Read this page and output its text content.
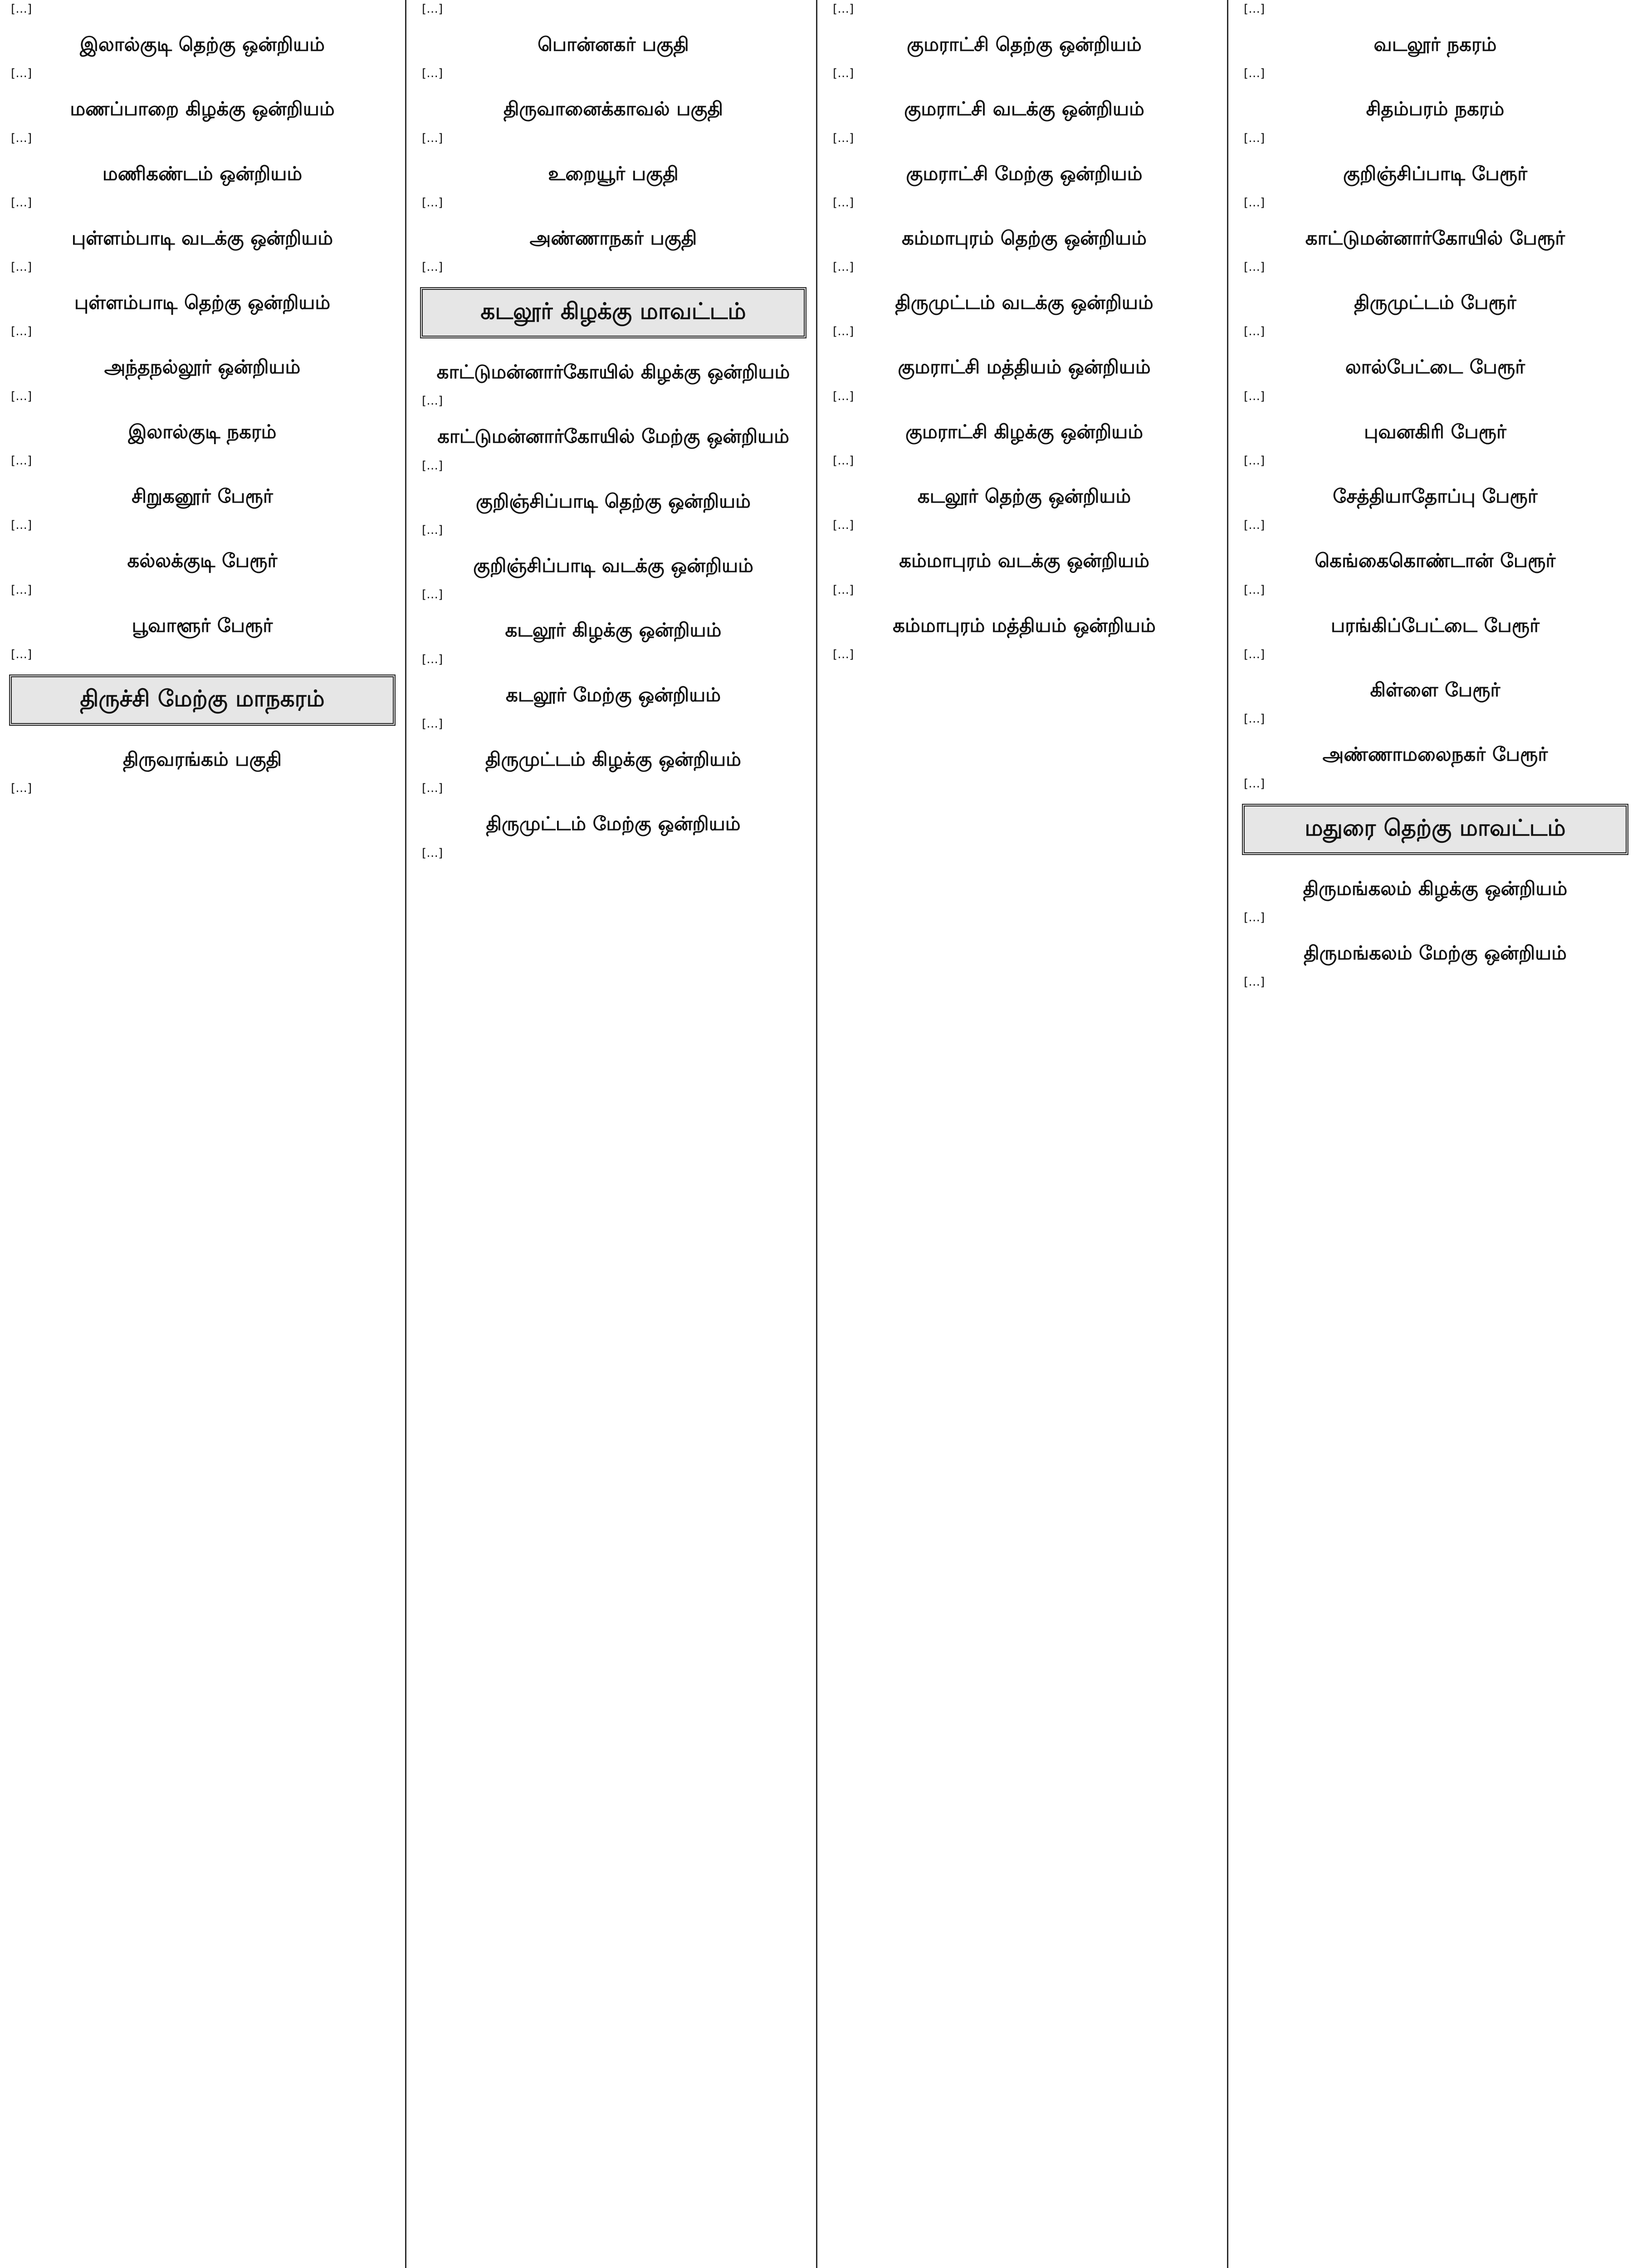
[…]

இலால்குடி தெற்கு ஒன்றியம்

[…]

மணப்பாறை கிழக்கு ஒன்றியம்

[…]

மணிகண்டம் ஒன்றியம்

[…]

புள்ளம்பாடி வடக்கு ஒன்றியம்

[…]

புள்ளம்பாடி தெற்கு ஒன்றியம்

[…]

அந்தநல்லூர் ஒன்றியம்

[…]

இலால்குடி நகரம்

[…]

சிறுகனூர் பேரூர்

[…]

கல்லக்குடி பேரூர்

[…]

பூவாளூர் பேரூர்

[…]

திருச்சி மேற்கு மாநகரம்
திருவரங்கம் பகுதி

[…]

[…]

பொன்னகர் பகுதி

[…]

திருவானைக்காவல் பகுதி

[…]

உறையூர் பகுதி

[…]

அண்ணாநகர் பகுதி

[…]

கடலூர் கிழக்கு மாவட்டம்
காட்டுமன்னார்கோயில் கிழக்கு ஒன்றியம்

[…]

காட்டுமன்னார்கோயில் மேற்கு ஒன்றியம்

[…]

குறிஞ்சிப்பாடி தெற்கு ஒன்றியம்

[…]

குறிஞ்சிப்பாடி வடக்கு ஒன்றியம்

[…]

கடலூர் கிழக்கு ஒன்றியம்

[…]

கடலூர் மேற்கு ஒன்றியம்

[…]

திருமுட்டம் கிழக்கு ஒன்றியம்

[…]

திருமுட்டம் மேற்கு ஒன்றியம்

[…]

[…]

குமராட்சி தெற்கு ஒன்றியம்

[…]

குமராட்சி வடக்கு ஒன்றியம்

[…]

குமராட்சி மேற்கு ஒன்றியம்

[…]

கம்மாபுரம் தெற்கு ஒன்றியம்

[…]

திருமுட்டம் வடக்கு ஒன்றியம்

[…]

குமராட்சி மத்தியம் ஒன்றியம்

[…]

குமராட்சி கிழக்கு ஒன்றியம்

[…]

கடலூர் தெற்கு ஒன்றியம்

[…]

கம்மாபுரம் வடக்கு ஒன்றியம்

[…]

கம்மாபுரம் மத்தியம் ஒன்றியம்

[…]

[…]

வடலூர் நகரம்

[…]

சிதம்பரம் நகரம்

[…]

குறிஞ்சிப்பாடி பேரூர்

[…]

காட்டுமன்னார்கோயில் பேரூர்

[…]

திருமுட்டம் பேரூர்

[…]

லால்பேட்டை பேரூர்

[…]

புவனகிரி பேரூர்

[…]

சேத்தியாதோப்பு பேரூர்

[…]

கெங்கைகொண்டான் பேரூர்

[…]

பரங்கிப்பேட்டை பேரூர்

[…]

கிள்ளை பேரூர்

[…]

அண்ணாமலைநகர் பேரூர்

[…]

மதுரை தெற்கு மாவட்டம்
திருமங்கலம் கிழக்கு ஒன்றியம்

[…]

திருமங்கலம் மேற்கு ஒன்றியம்

[…]
